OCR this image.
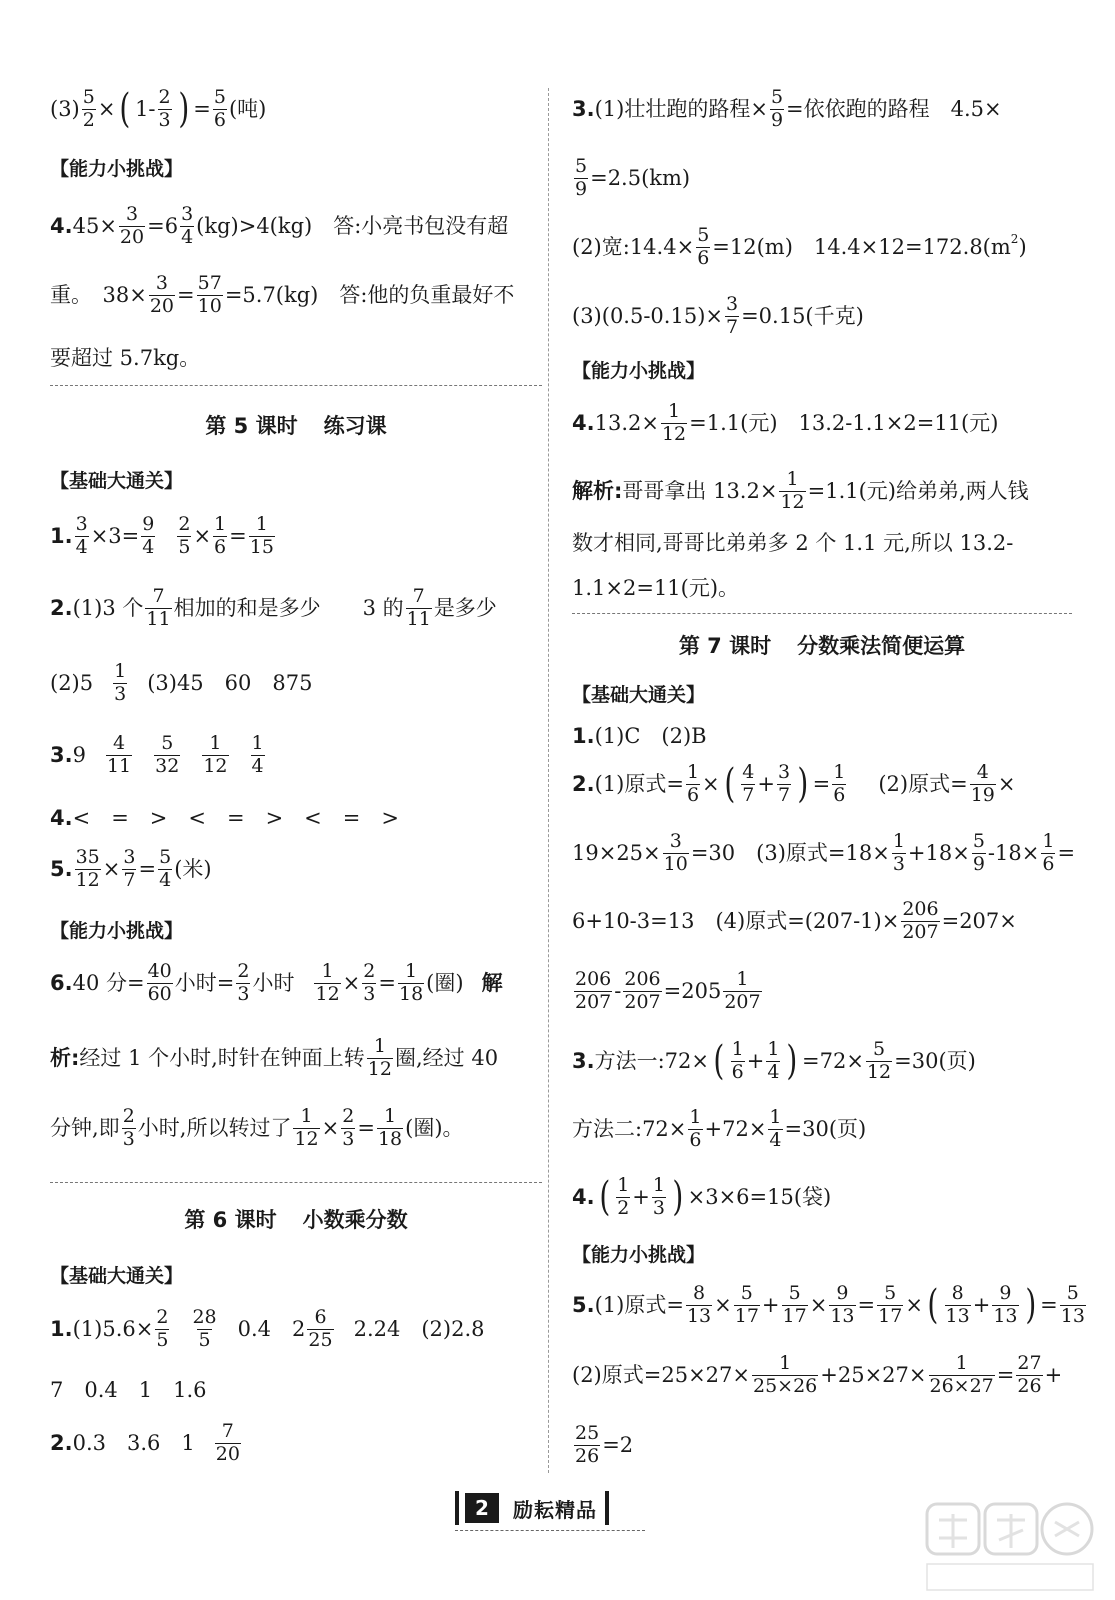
$(3) \frac{5}{2}$ × ( $1- \frac{2}{3}$ ) = $\frac{5}{6}$ (吨)
【能力小挑战】
4. $45\times \frac{3}{20} =6 \frac{3}{4} (kg)>4(kg)$　答:小亮书包没有超
重。　$38\times \frac{3}{20} = \frac{57}{10} =5.7(kg)$　答:他的负重最好不
要超过 5.7kg。
第 5 课时 练习课
【基础大通关】
1. $\frac{3}{4} \times 3= \frac{9}{4} \frac{2}{5} \times \frac{1}{6} = \frac{1}{15}$
2. (1)3 个 $\frac{7}{11}$ 相加的和是多少　　3 的 $\frac{7}{11}$ 是多少
$(2)5 \frac{1}{3} (3)45$　60　875
3. $9 \frac{4}{11} \frac{5}{32} \frac{1}{12} \frac{1}{4}$
4. <　=　>　<　=　>　<　=　>
5. $\frac{35}{12} \times \frac{3}{7} = \frac{5}{4}$ (米)
【能力小挑战】
6. 40 分= $\frac{40}{60}$ 小时= $\frac{2}{3}$ 小时 $\frac{1}{12} \times \frac{2}{3} = \frac{1}{18}$ (圈) 解
析: 经过 1 个小时,时针在钟面上转 $\frac{1}{12}$ 圈,经过 40
分钟,即 $\frac{2}{3}$ 小时,所以转过了 $\frac{1}{12} \times \frac{2}{3} = \frac{1}{18}$ (圈)。
第 6 课时 小数乘分数
【基础大通关】
1. $(1)5.6\times \frac{2}{5} \frac{28}{5} 0.4$　$2 \frac{6}{25} 2.24$　(2)2.8
7　0.4　1　1.6
2. 0.3　3.6　$1 \frac{7}{20}$
3. (1)壮壮跑的路程× $\frac{5}{9}$ =依依跑的路程　4.5×
$\frac{5}{9} =2.5(km)$
(2)宽:14.4× $\frac{5}{6} =12(m)$　14.4×12=172.8(m 2 )
$(3)(0.5-0.15)\times \frac{3}{7} =0.15$(千克)
【能力小挑战】
4. $13.2\times \frac{1}{12} =1.1$(元)　13.2-1.1×2=11(元)
解析: 哥哥拿出 $13.2\times \frac{1}{12} =1.1$(元)给弟弟,两人钱
数才相同,哥哥比弟弟多 2 个 1.1 元,所以 13.2-
1.1×2=11(元)。
第 7 课时 分数乘法简便运算
【基础大通关】
1. (1)C　(2)B
2. (1)原式= $\frac{1}{6}$ × ( $\frac{4}{7} + \frac{3}{7}$ ) = $\frac{1}{6} (2)$原式= $\frac{4}{19}$ ×
$19\times 25\times \frac{3}{10} =30$　(3)原式$=18\times \frac{1}{3} +18\times \frac{5}{9} -18\times \frac{1}{6}$ =
6+10-3=13　(4)原式$=(207-1)\times \frac{206}{207} =207\times$
$\frac{206}{207} - \frac{206}{207} =205 \frac{1}{207}$
3. 方法一:72× ( $\frac{1}{6} + \frac{1}{4}$ ) $=72\times \frac{5}{12} =30$(页)
方法二:72× $\frac{1}{6} +72\times \frac{1}{4} =30$(页)
4. ( $\frac{1}{2} + \frac{1}{3}$ ) ×3×6=15(袋)
【能力小挑战】
5. (1)原式= $\frac{8}{13} \times \frac{5}{17} + \frac{5}{17} \times \frac{9}{13} = \frac{5}{17}$ × ( $\frac{8}{13} + \frac{9}{13}$ ) = $\frac{5}{13}$
(2)原式$=25\times 27\times \frac{1}{25\times 26} +25\times 27\times \frac{1}{26\times 27} = \frac{27}{26}$ +
$\frac{25}{26} =2$
2	励耘精品
